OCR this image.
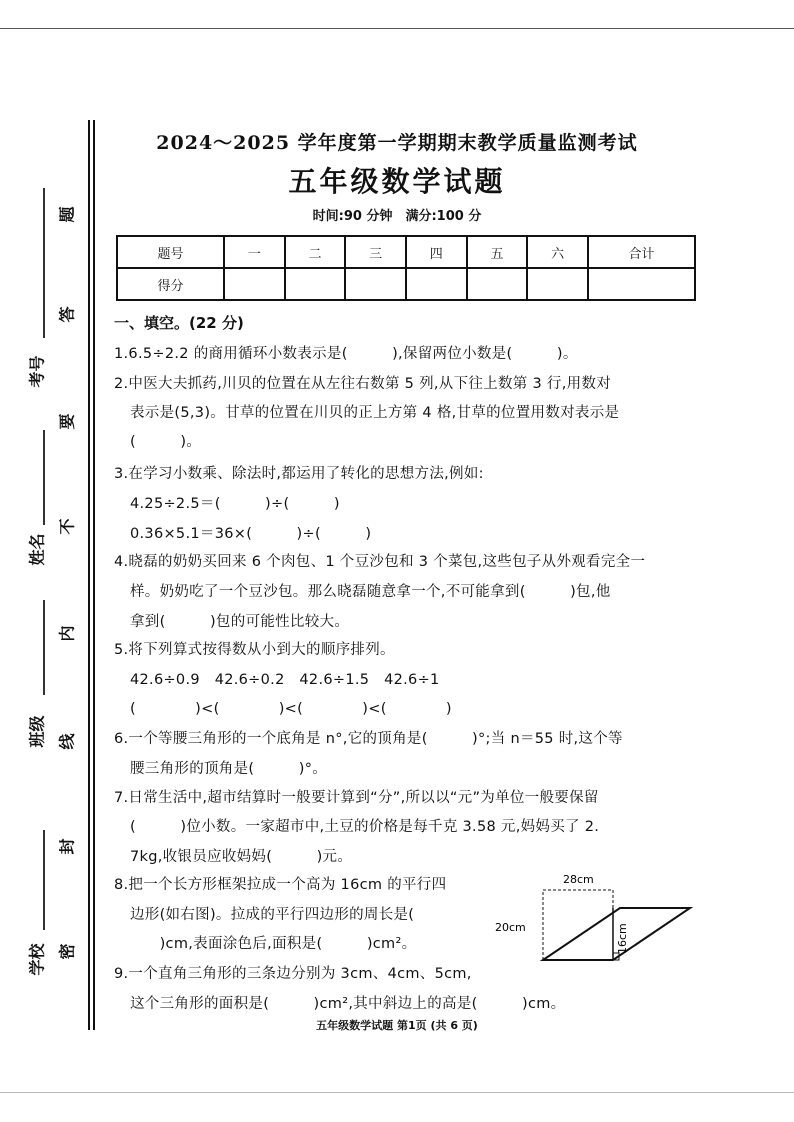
考号
姓名
班级
学校
题
答
要
不
内
线
封
密
2024～2025 学年度第一学期期末教学质量监测考试
五年级数学试题
时间:90 分钟　满分:100 分
题号	一	二	三	四	五	六	合计
得分							
一、填空。(22 分)
1.6.5÷2.2 的商用循环小数表示是(　　　),保留两位小数是(　　　)。
2.中医大夫抓药,川贝的位置在从左往右数第 5 列,从下往上数第 3 行,用数对
表示是(5,3)。甘草的位置在川贝的正上方第 4 格,甘草的位置用数对表示是
(　　　)。
3.在学习小数乘、除法时,都运用了转化的思想方法,例如:
4.25÷2.5＝(　　　)÷(　　　)
0.36×5.1＝36×(　　　)÷(　　　)
4.晓磊的奶奶买回来 6 个肉包、1 个豆沙包和 3 个菜包,这些包子从外观看完全一
样。奶奶吃了一个豆沙包。那么晓磊随意拿一个,不可能拿到(　　　)包,他
拿到(　　　)包的可能性比较大。
5.将下列算式按得数从小到大的顺序排列。
42.6÷0.9　42.6÷0.2　42.6÷1.5　42.6÷1
(　　　　)<(　　　　)<(　　　　)<(　　　　)
6.一个等腰三角形的一个底角是 n°,它的顶角是(　　　)°;当 n＝55 时,这个等
腰三角形的顶角是(　　　)°。
7.日常生活中,超市结算时一般要计算到“分”,所以以“元”为单位一般要保留
(　　　)位小数。一家超市中,土豆的价格是每千克 3.58 元,妈妈买了 2.
7kg,收银员应收妈妈(　　　)元。
8.把一个长方形框架拉成一个高为 16cm 的平行四
边形(如右图)。拉成的平行四边形的周长是(
　　)cm,表面涂色后,面积是(　　　)cm²。
9.一个直角三角形的三条边分别为 3cm、4cm、5cm,
这个三角形的面积是(　　　)cm²,其中斜边上的高是(　　　)cm。
28cm
20cm	16cm
五年级数学试题 第1页 (共 6 页)
